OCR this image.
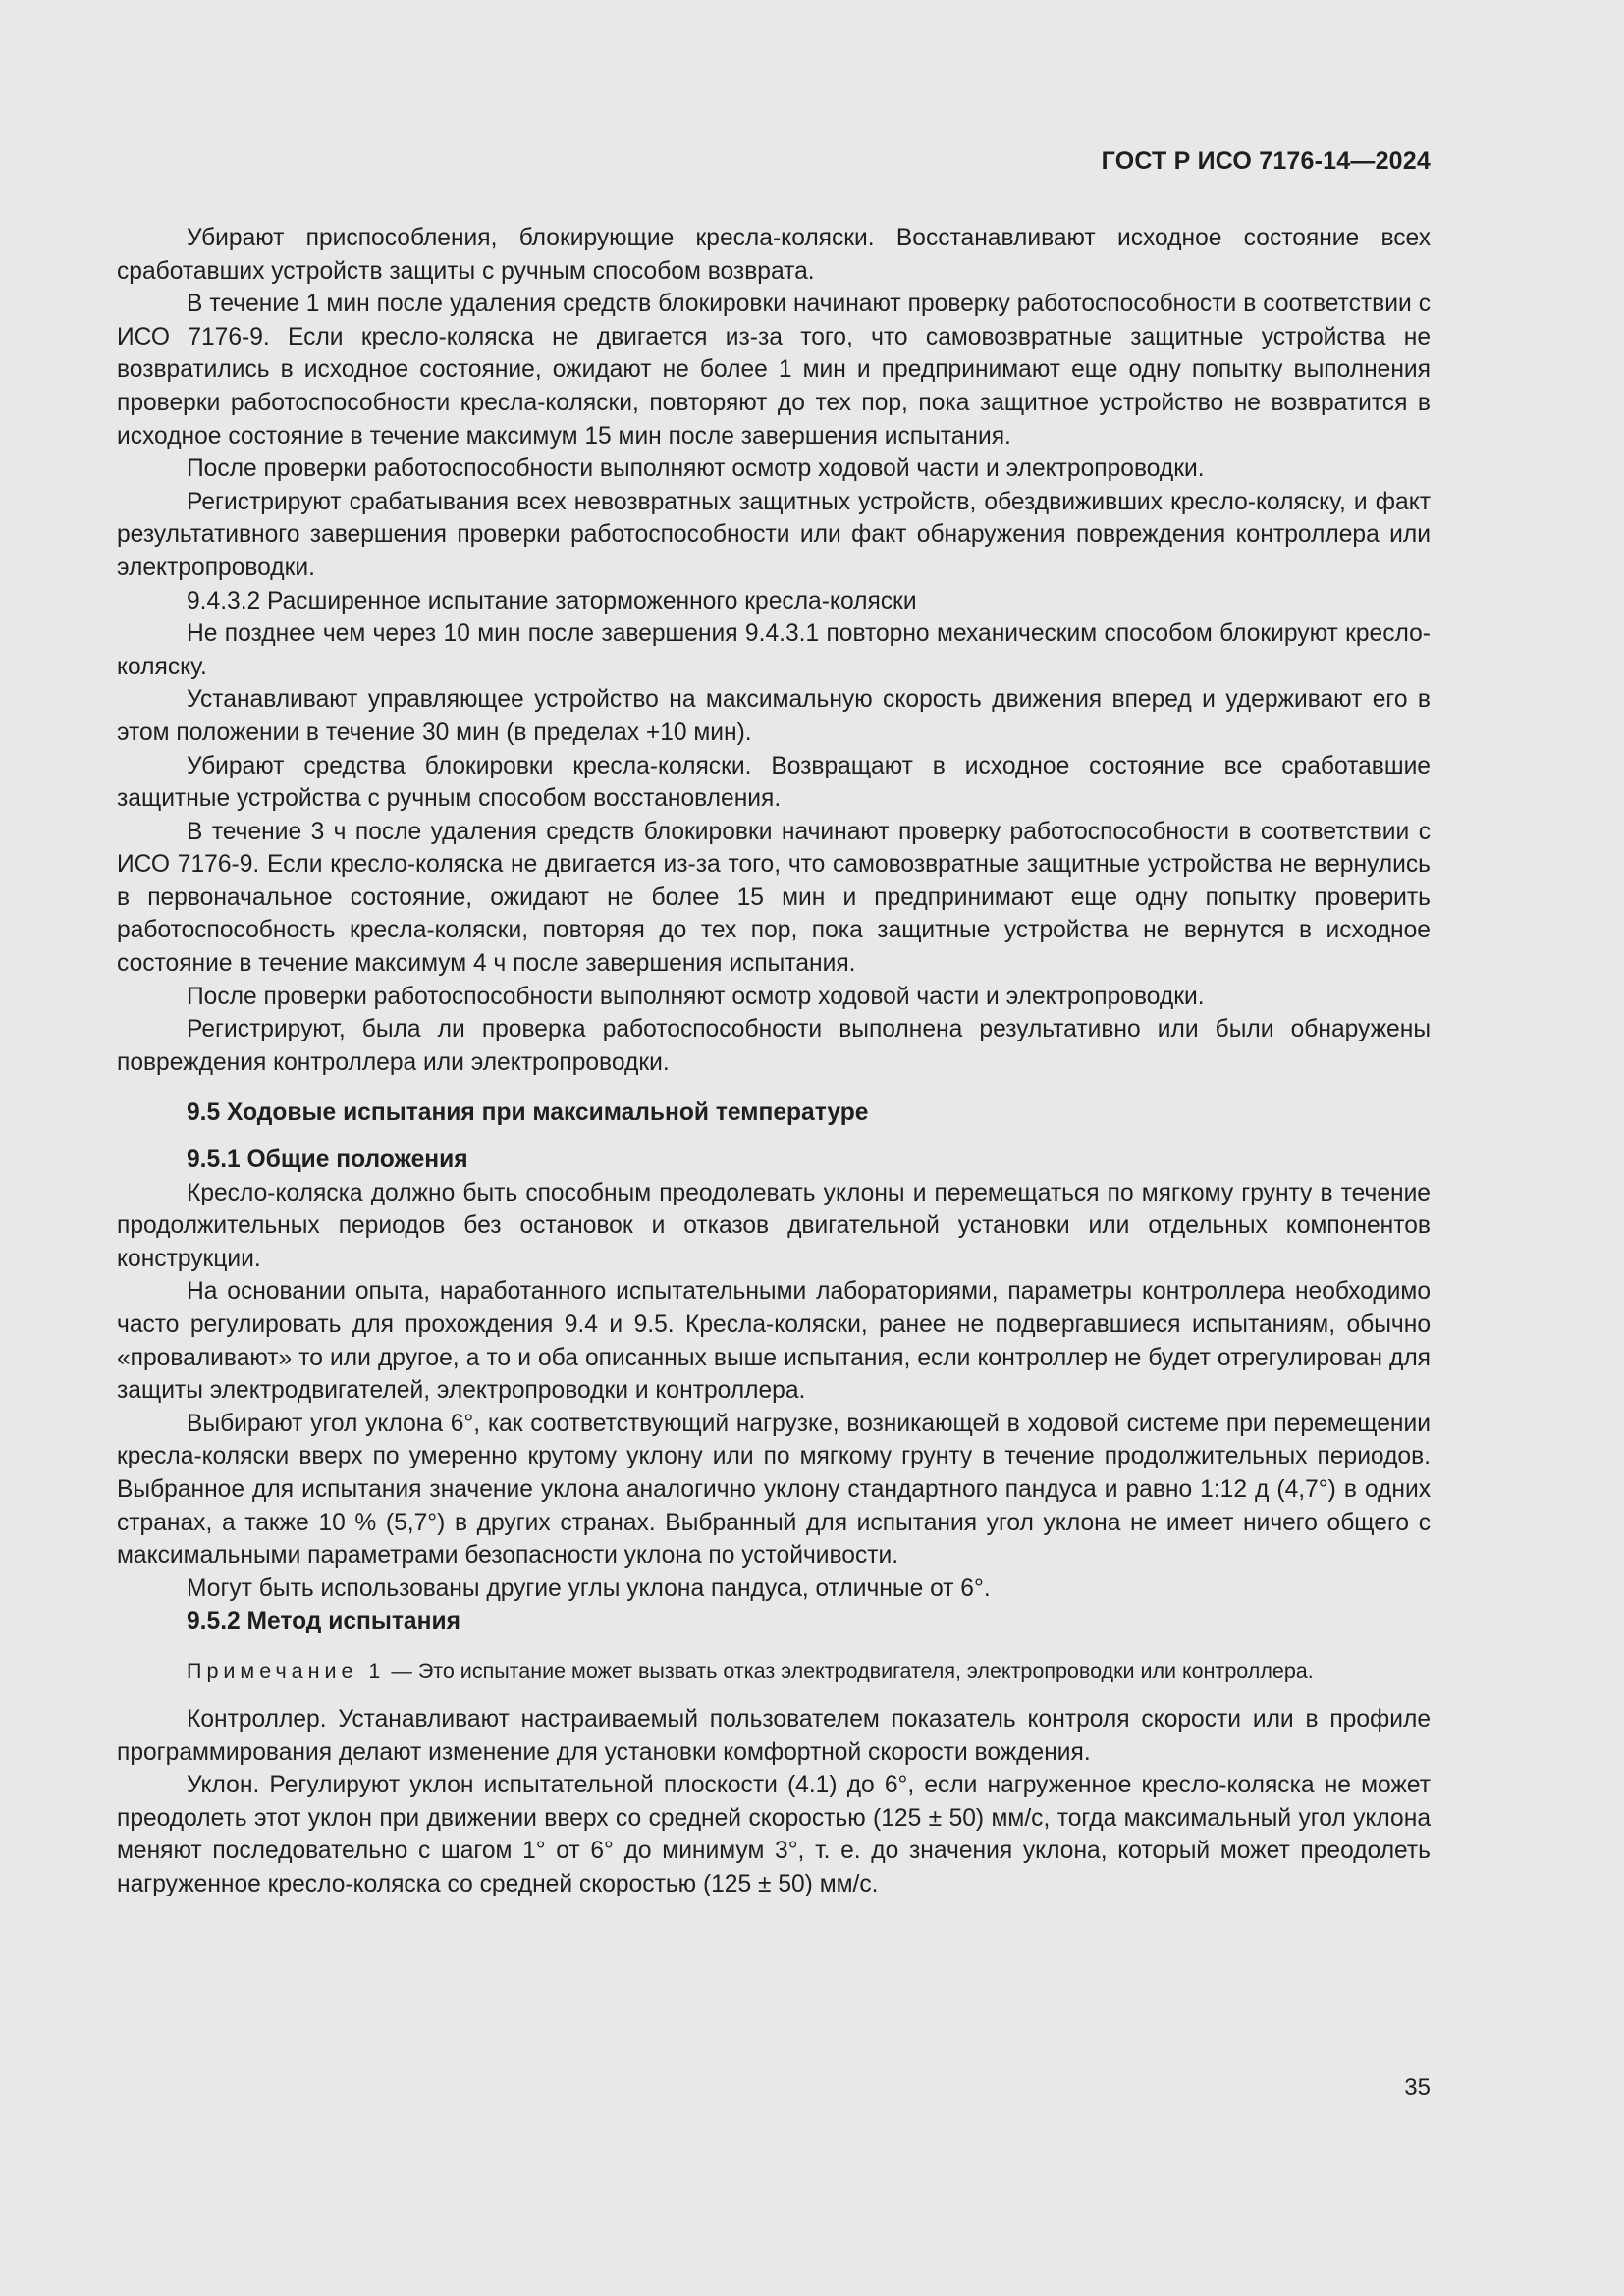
ГОСТ Р ИСО 7176-14—2024

Убирают приспособления, блокирующие кресла-коляски. Восстанавливают исходное состояние всех сработавших устройств защиты с ручным способом возврата.

В течение 1 мин после удаления средств блокировки начинают проверку работоспособности в соответствии с ИСО 7176-9. Если кресло-коляска не двигается из-за того, что самовозвратные защитные устройства не возвратились в исходное состояние, ожидают не более 1 мин и предпринимают еще одну попытку выполнения проверки работоспособности кресла-коляски, повторяют до тех пор, пока защитное устройство не возвратится в исходное состояние в течение максимум 15 мин после завершения испытания.

После проверки работоспособности выполняют осмотр ходовой части и электропроводки.

Регистрируют срабатывания всех невозвратных защитных устройств, обездвиживших кресло-коляску, и факт результативного завершения проверки работоспособности или факт обнаружения повреждения контроллера или электропроводки.

9.4.3.2 Расширенное испытание заторможенного кресла-коляски

Не позднее чем через 10 мин после завершения 9.4.3.1 повторно механическим способом блокируют кресло-коляску.

Устанавливают управляющее устройство на максимальную скорость движения вперед и удерживают его в этом положении в течение 30 мин (в пределах +10 мин).

Убирают средства блокировки кресла-коляски. Возвращают в исходное состояние все сработавшие защитные устройства с ручным способом восстановления.

В течение 3 ч после удаления средств блокировки начинают проверку работоспособности в соответствии с ИСО 7176-9. Если кресло-коляска не двигается из-за того, что самовозвратные защитные устройства не вернулись в первоначальное состояние, ожидают не более 15 мин и предпринимают еще одну попытку проверить работоспособность кресла-коляски, повторяя до тех пор, пока защитные устройства не вернутся в исходное состояние в течение максимум 4 ч после завершения испытания.

После проверки работоспособности выполняют осмотр ходовой части и электропроводки.

Регистрируют, была ли проверка работоспособности выполнена результативно или были обнаружены повреждения контроллера или электропроводки.

9.5 Ходовые испытания при максимальной температуре
9.5.1 Общие положения

Кресло-коляска должно быть способным преодолевать уклоны и перемещаться по мягкому грунту в течение продолжительных периодов без остановок и отказов двигательной установки или отдельных компонентов конструкции.

На основании опыта, наработанного испытательными лабораториями, параметры контроллера необходимо часто регулировать для прохождения 9.4 и 9.5. Кресла-коляски, ранее не подвергавшиеся испытаниям, обычно «проваливают» то или другое, а то и оба описанных выше испытания, если контроллер не будет отрегулирован для защиты электродвигателей, электропроводки и контроллера.

Выбирают угол уклона 6°, как соответствующий нагрузке, возникающей в ходовой системе при перемещении кресла-коляски вверх по умеренно крутому уклону или по мягкому грунту в течение продолжительных периодов. Выбранное для испытания значение уклона аналогично уклону стандартного пандуса и равно 1:12 д (4,7°) в одних странах, а также 10 % (5,7°) в других странах. Выбранный для испытания угол уклона не имеет ничего общего с максимальными параметрами безопасности уклона по устойчивости.

Могут быть использованы другие углы уклона пандуса, отличные от 6°.

9.5.2 Метод испытания
Примечание 1 — Это испытание может вызвать отказ электродвигателя, электропроводки или контроллера.

Контроллер. Устанавливают настраиваемый пользователем показатель контроля скорости или в профиле программирования делают изменение для установки комфортной скорости вождения.

Уклон. Регулируют уклон испытательной плоскости (4.1) до 6°, если нагруженное кресло-коляска не может преодолеть этот уклон при движении вверх со средней скоростью (125 ± 50) мм/с, тогда максимальный угол уклона меняют последовательно с шагом 1° от 6° до минимум 3°, т. е. до значения уклона, который может преодолеть нагруженное кресло-коляска со средней скоростью (125 ± 50) мм/с.

35
